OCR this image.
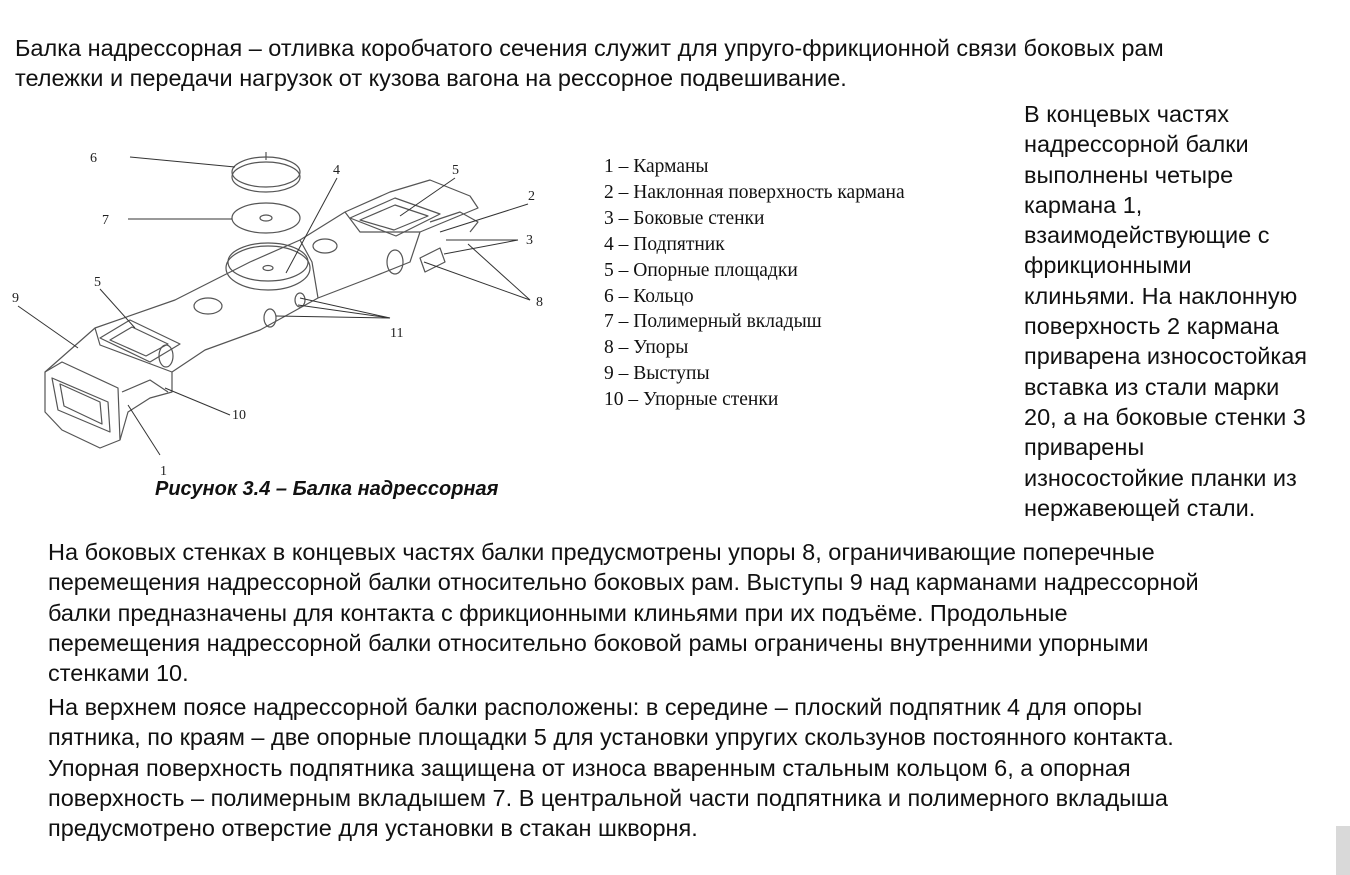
Балка надрессорная – отливка коробчатого сечения служит для упруго-фрикционной связи боковых рам
тележки и передачи нагрузок от кузова вагона на рессорное подвешивание.
6
7
4	5
2
3
8
5
9
11
10
1
Рисунок 3.4 – Балка надрессорная
1 – Карманы
2 – Наклонная поверхность кармана
3 – Боковые стенки
4 – Подпятник
5 – Опорные площадки
6 – Кольцо
7 – Полимерный вкладыш
8 – Упоры
9 – Выступы
10 – Упорные стенки
В концевых частях
надрессорной балки
выполнены четыре
кармана 1,
взаимодействующие с
фрикционными
клиньями. На наклонную
поверхность 2 кармана
приварена износостойкая
вставка из стали марки
20, а на боковые стенки 3
приварены
износостойкие планки из
нержавеющей стали.
На боковых стенках в концевых частях балки предусмотрены упоры 8, ограничивающие поперечные
перемещения надрессорной балки относительно боковых рам. Выступы 9 над карманами надрессорной
балки предназначены для контакта с фрикционными клиньями при их подъёме. Продольные
перемещения надрессорной балки относительно боковой рамы ограничены внутренними упорными
стенками 10.
На верхнем поясе надрессорной балки расположены: в середине – плоский подпятник 4 для опоры
пятника, по краям – две опорные площадки 5 для установки упругих скользунов постоянного контакта.
Упорная поверхность подпятника защищена от износа вваренным стальным кольцом 6, а опорная
поверхность – полимерным вкладышем 7. В центральной части подпятника и полимерного вкладыша
предусмотрено отверстие для установки в стакан шкворня.
